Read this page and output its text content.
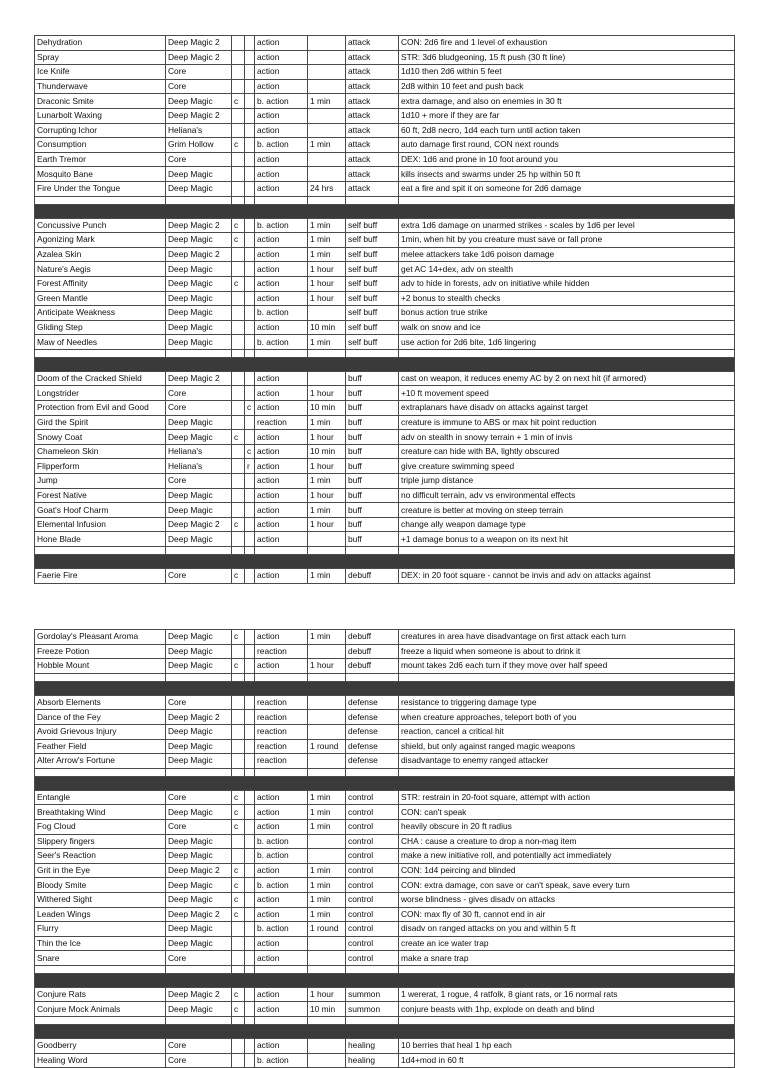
Dehydration	Deep Magic 2			action		attack	CON: 2d6 fire and 1 level of exhaustion
Spray	Deep Magic 2			action		attack	STR: 3d6 bludgeoning, 15 ft push (30 ft line)
Ice Knife	Core			action		attack	1d10 then 2d6 within 5 feet
Thunderwave	Core			action		attack	2d8 within 10 feet and push back
Draconic Smite	Deep Magic	c		b. action	1 min	attack	extra damage, and also on enemies in 30 ft
Lunarbolt Waxing	Deep Magic 2			action		attack	1d10 + more if they are far
Corrupting Ichor	Heliana's			action		attack	60 ft, 2d8 necro, 1d4 each turn until action taken
Consumption	Grim Hollow	c		b. action	1 min	attack	auto damage first round, CON next rounds
Earth Tremor	Core			action		attack	DEX: 1d6 and prone in 10 foot around you
Mosquito Bane	Deep Magic			action		attack	kills insects and swarms under 25 hp within 50 ft
Fire Under the Tongue	Deep Magic			action	24 hrs	attack	eat a fire and spit it on someone for 2d6 damage

Concussive Punch	Deep Magic 2	c		b. action	1 min	self buff	extra 1d6 damage on unarmed strikes - scales by 1d6 per level
Agonizing Mark	Deep Magic	c		action	1 min	self buff	1min, when hit by you creature must save or fall prone
Azalea Skin	Deep Magic 2			action	1 min	self buff	melee attackers take 1d6 poison damage
Nature's Aegis	Deep Magic			action	1 hour	self buff	get AC 14+dex, adv on stealth
Forest Affinity	Deep Magic	c		action	1 hour	self buff	adv to hide in forests, adv on initiative while hidden
Green Mantle	Deep Magic			action	1 hour	self buff	+2 bonus to stealth checks
Anticipate Weakness	Deep Magic			b. action		self buff	bonus action true strike
Gliding Step	Deep Magic			action	10 min	self buff	walk on snow and ice
Maw of Needles	Deep Magic			b. action	1 min	self buff	use action for 2d6 bite, 1d6 lingering

Doom of the Cracked Shield	Deep Magic 2			action		buff	cast on weapon, it reduces enemy AC by 2 on next hit (if armored)
Longstrider	Core			action	1 hour	buff	+10 ft movement speed
Protection from Evil and Good	Core		c	action	10 min	buff	extraplanars have disadv on attacks against target
Gird the Spirit	Deep Magic			reaction	1 min	buff	creature is immune to ABS or max hit point reduction
Snowy Coat	Deep Magic	c		action	1 hour	buff	adv on stealth in snowy terrain + 1 min of invis
Chameleon Skin	Heliana's		c	action	10 min	buff	creature can hide with BA, lightly obscured
Flipperform	Heliana's		r	action	1 hour	buff	give creature swimming speed
Jump	Core			action	1 min	buff	triple jump distance
Forest Native	Deep Magic			action	1 hour	buff	no difficult terrain, adv vs environmental effects
Goat's Hoof Charm	Deep Magic			action	1 min	buff	creature is better at moving on steep terrain
Elemental Infusion	Deep Magic 2	c		action	1 hour	buff	change ally weapon damage type
Hone Blade	Deep Magic			action		buff	+1 damage bonus to a weapon on its next hit

Faerie Fire	Core	c		action	1 min	debuff	DEX: in 20 foot square - cannot be invis and adv on attacks against
Gordolay's Pleasant Aroma	Deep Magic	c		action	1 min	debuff	creatures in area have disadvantage on first attack each turn
Freeze Potion	Deep Magic			reaction		debuff	freeze a liquid when someone is about to drink it
Hobble Mount	Deep Magic	c		action	1 hour	debuff	mount takes 2d6 each turn if they move over half speed

Absorb Elements	Core			reaction		defense	resistance to triggering damage type
Dance of the Fey	Deep Magic 2			reaction		defense	when creature approaches, teleport both of you
Avoid Grievous Injury	Deep Magic			reaction		defense	reaction, cancel a critical hit
Feather Field	Deep Magic			reaction	1 round	defense	shield, but only against ranged magic weapons
Alter Arrow's Fortune	Deep Magic			reaction		defense	disadvantage to enemy ranged attacker

Entangle	Core	c		action	1 min	control	STR: restrain in 20-foot square, attempt with action
Breathtaking Wind	Deep Magic	c		action	1 min	control	CON: can't speak
Fog Cloud	Core	c		action	1 min	control	heavily obscure in 20 ft radius
Slippery fingers	Deep Magic			b. action		control	CHA : cause a creature to drop a non-mag item
Seer's Reaction	Deep Magic			b. action		control	make a new initiative roll, and potentially act immediately
Grit in the Eye	Deep Magic 2	c		action	1 min	control	CON: 1d4 peircing and blinded
Bloody Smite	Deep Magic	c		b. action	1 min	control	CON: extra damage, con save or can't speak, save every turn
Withered Sight	Deep Magic	c		action	1 min	control	worse blindness - gives disadv on attacks
Leaden Wings	Deep Magic 2	c		action	1 min	control	CON: max fly of 30 ft, cannot end in air
Flurry	Deep Magic			b. action	1 round	control	disadv on ranged attacks on you and within 5 ft
Thin the Ice	Deep Magic			action		control	create an ice water trap
Snare	Core			action		control	make a snare trap

Conjure Rats	Deep Magic 2	c		action	1 hour	summon	1 wererat, 1 rogue, 4 ratfolk, 8 giant rats, or 16 normal rats
Conjure Mock Animals	Deep Magic	c		action	10 min	summon	conjure beasts with 1hp, explode on death and blind

Goodberry	Core			action		healing	10 berries that heal 1 hp each
Healing Word	Core			b. action		healing	1d4+mod in 60 ft
